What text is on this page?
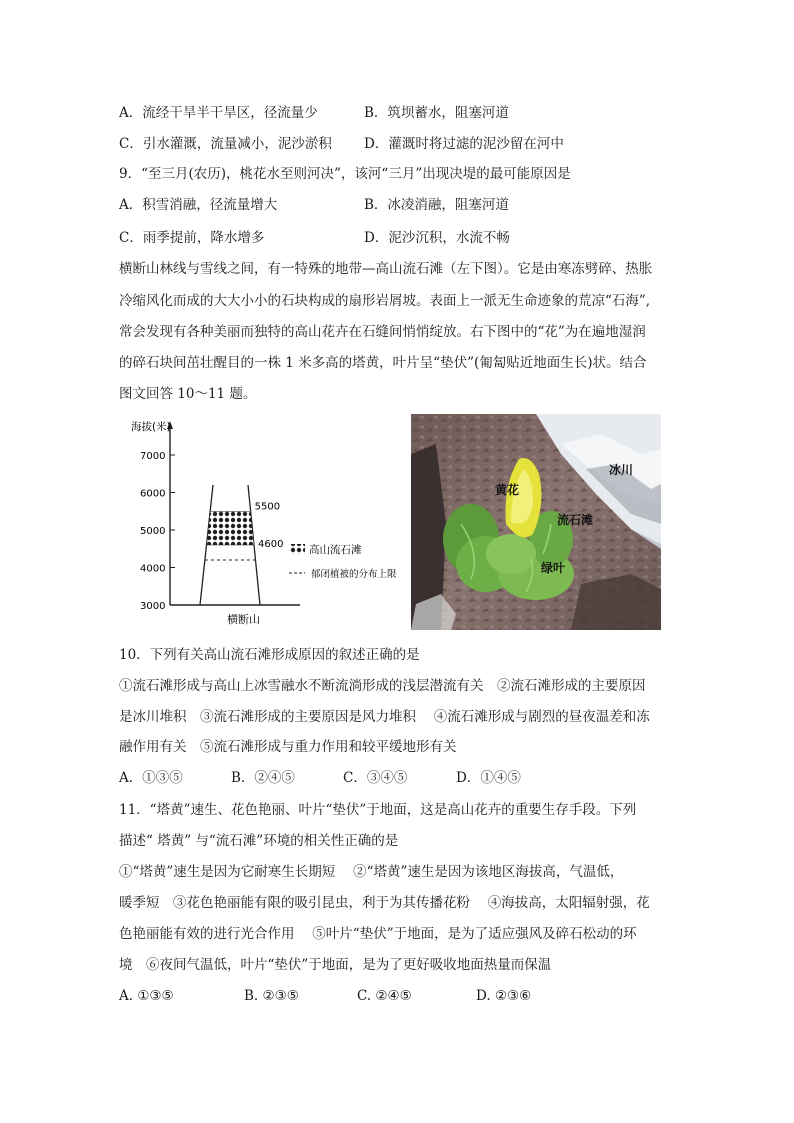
A．流经干旱半干旱区，径流量少	B．筑坝蓄水，阻塞河道
C．引水灌溉，流量减小，泥沙淤积 D．灌溉时将过滤的泥沙留在河中
9．“至三月(农历)，桃花水至则河决”，该河“三月”出现决堤的最可能原因是
A．积雪消融，径流量增大	B．冰凌消融，阻塞河道
C．雨季提前，降水增多	D．泥沙沉积，水流不畅
横断山林线与雪线之间，有一特殊的地带—高山流石滩（左下图）。它是由寒冻劈碎、热胀
冷缩风化而成的大大小小的石块构成的扇形岩屑坡。表面上一派无生命迹象的荒凉“石海”,
常会发现有各种美丽而独特的高山花卉在石缝间悄悄绽放。右下图中的“花”为在遍地湿润
的碎石块间茁壮醒目的一株 1 米多高的塔黄，叶片呈“垫伏”(匍匐贴近地面生长)状。结合
图文回答 10～11 题。
3000
4000
5000
6000
7000
海拔(米)
5500
4600
横断山
高山流石滩
郁闭植被的分布上限
黄花
冰川
流石滩
绿叶
10．下列有关高山流石滩形成原因的叙述正确的是
①流石滩形成与高山上冰雪融水不断流淌形成的浅层潜流有关　②流石滩形成的主要原因
是冰川堆积　③流石滩形成的主要原因是风力堆积　 ④流石滩形成与剧烈的昼夜温差和冻
融作用有关　⑤流石滩形成与重力作用和较平缓地形有关
A．①③⑤	B．②④⑤	C．③④⑤	D．①④⑤
11．“塔黄”速生、花色艳丽、叶片“垫伏”于地面，这是高山花卉的重要生存手段。下列
描述“ 塔黄” 与“流石滩”环境的相关性正确的是
①“塔黄”速生是因为它耐寒生长期短　 ②“塔黄”速生是因为该地区海拔高，气温低，
暖季短　③花色艳丽能有限的吸引昆虫，利于为其传播花粉　 ④海拔高，太阳辐射强，花
色艳丽能有效的进行光合作用　 ⑤叶片“垫伏”于地面，是为了适应强风及碎石松动的环
境　⑥夜间气温低，叶片“垫伏”于地面，是为了更好吸收地面热量而保温
A. ①③⑤	B. ②③⑤	C. ②④⑤	D. ②③⑥
